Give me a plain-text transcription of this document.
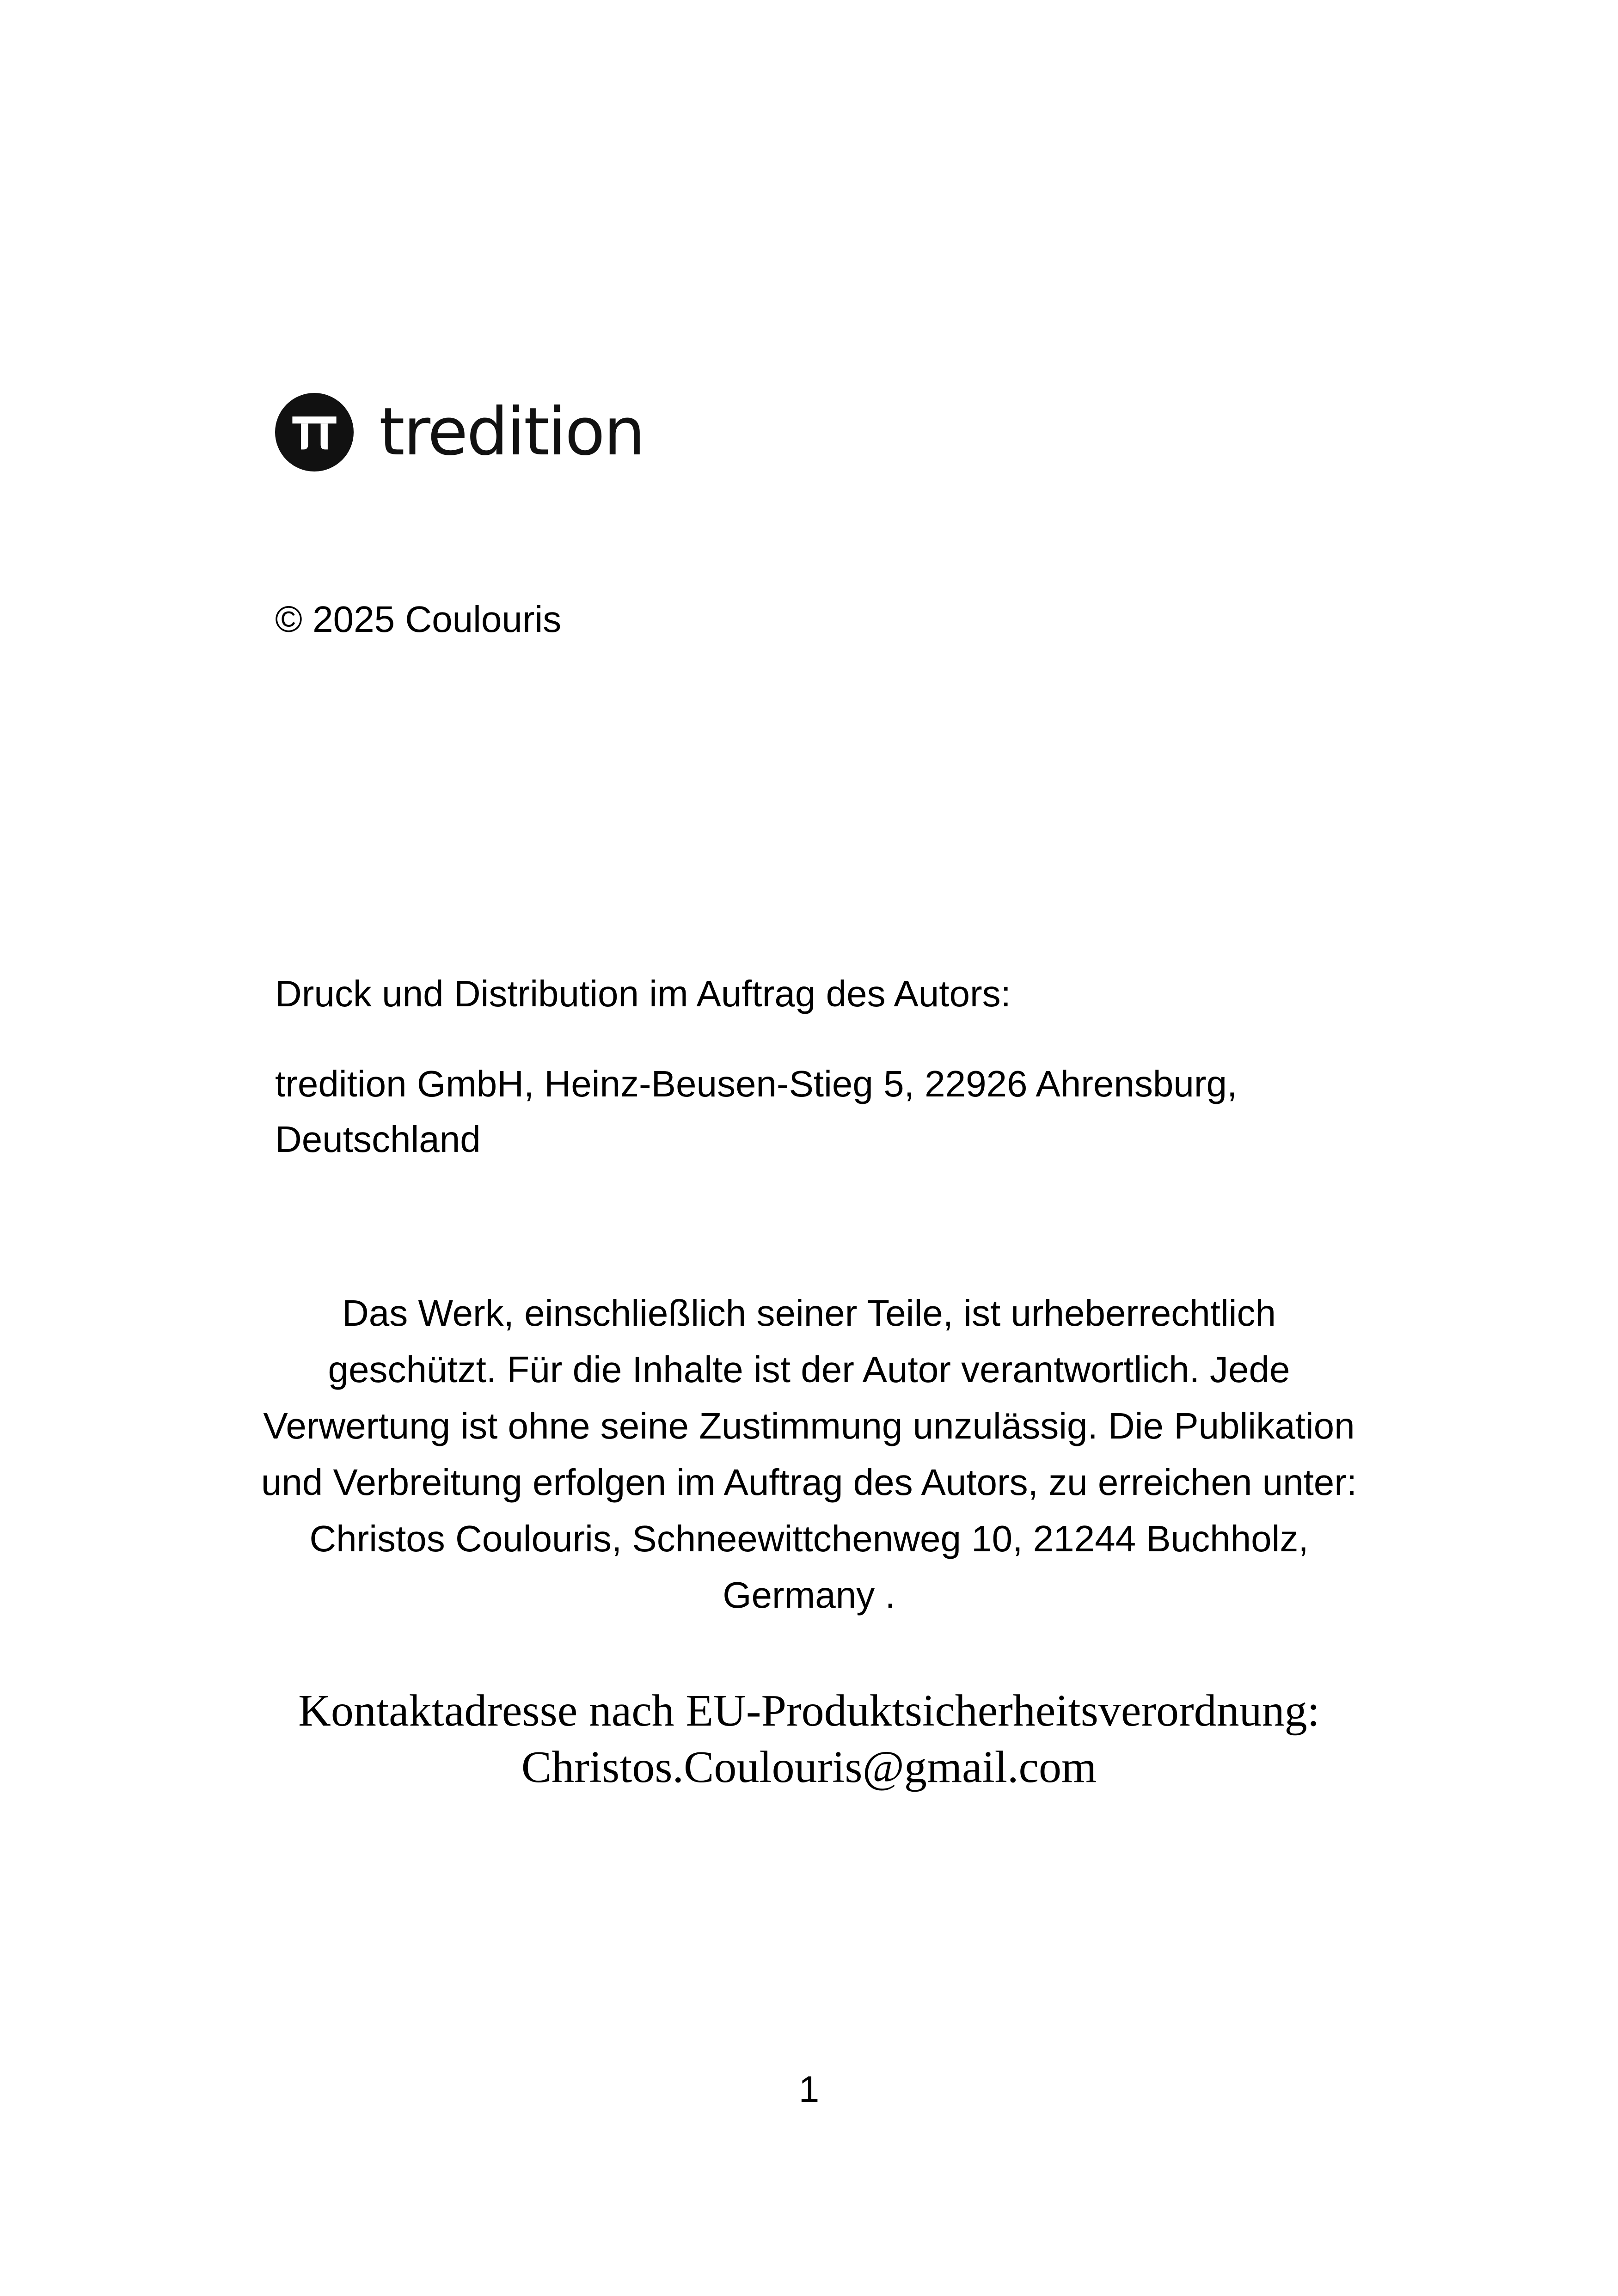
tredition
© 2025 Coulouris
Druck und Distribution im Auftrag des Autors:
tredition GmbH, Heinz-Beusen-Stieg 5, 22926 Ahrensburg, Deutschland
Das Werk, einschließlich seiner Teile, ist urheberrechtlich geschützt. Für die Inhalte ist der Autor verantwortlich. Jede Verwertung ist ohne seine Zustimmung unzulässig. Die Publikation und Verbreitung erfolgen im Auftrag des Autors, zu erreichen unter: Christos Coulouris, Schneewittchenweg 10, 21244 Buchholz, Germany .
Kontaktadresse nach EU-Produktsicherheitsverordnung:
Christos.Coulouris@gmail.com
1
